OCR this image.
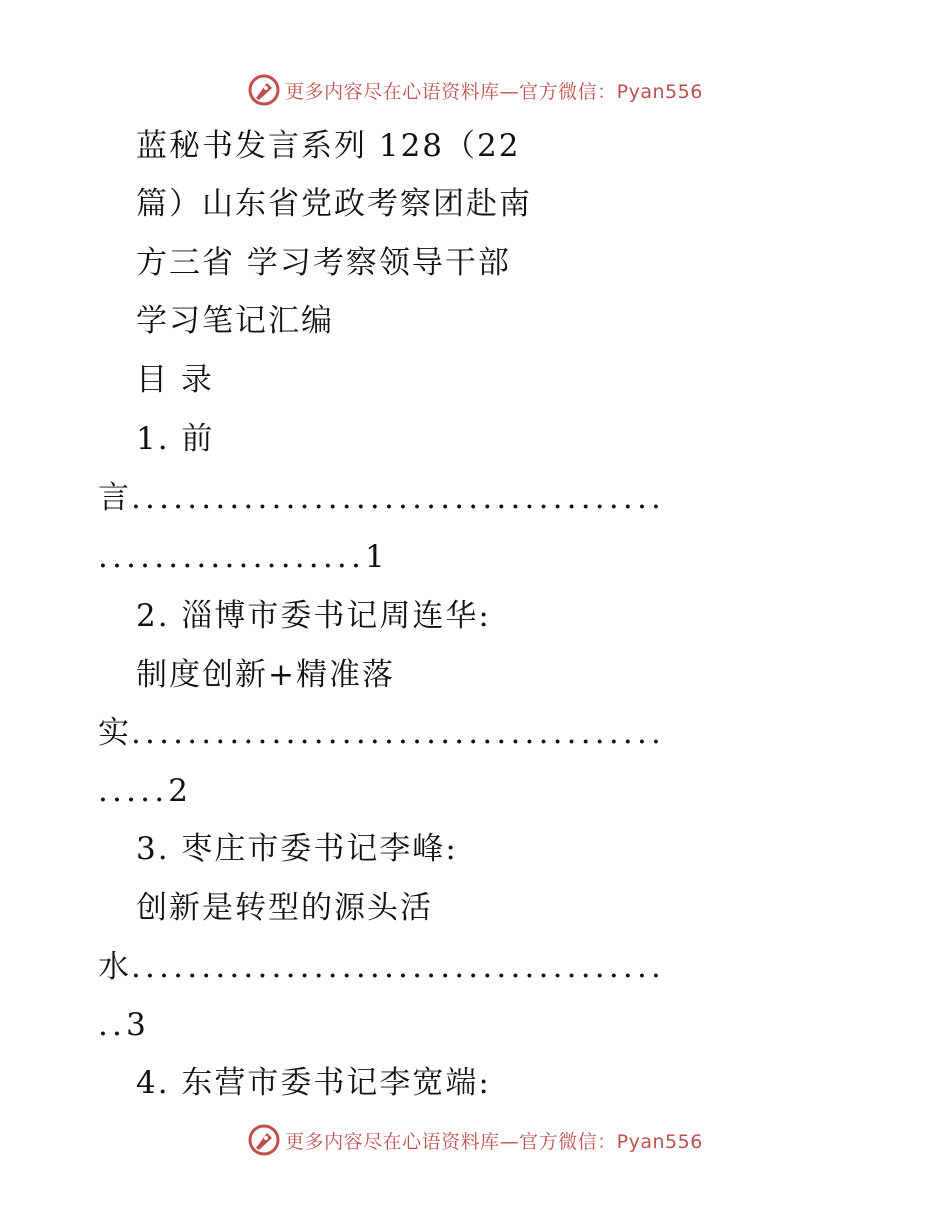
更多内容尽在心语资料库—官方微信：Pyan556
蓝秘书发言系列 128（22
篇）山东省党政考察团赴南
方三省 学习考察领导干部
学习笔记汇编
目 录
1. 前
言......................................
...................1
2. 淄博市委书记周连华:
制度创新+精准落
实......................................
.....2
3. 枣庄市委书记李峰:
创新是转型的源头活
水......................................
..3
4. 东营市委书记李宽端:
更多内容尽在心语资料库—官方微信：Pyan556
